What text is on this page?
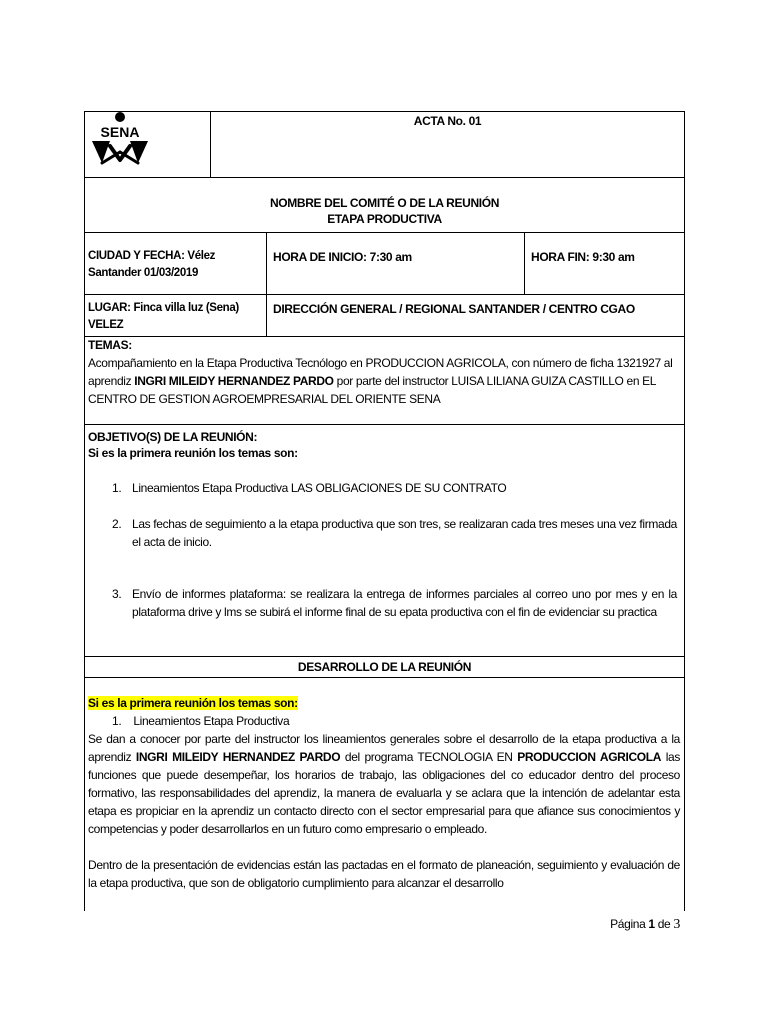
SENA
ACTA No. 01
NOMBRE DEL COMITÉ O DE LA REUNIÓN
ETAPA PRODUCTIVA
CIUDAD Y FECHA: Vélez
Santander 01/03/2019
HORA DE INICIO: 7:30 am	HORA FIN: 9:30 am
LUGAR: Finca villa luz (Sena)
VELEZ
DIRECCIÓN GENERAL / REGIONAL SANTANDER / CENTRO CGAO
TEMAS:
Acompañamiento en la Etapa Productiva Tecnólogo en PRODUCCION AGRICOLA, con número de ficha 1321927 al aprendiz INGRI MILEIDY HERNANDEZ PARDO por parte del instructor LUISA LILIANA GUIZA CASTILLO en EL CENTRO DE GESTION AGROEMPRESARIAL DEL ORIENTE SENA
OBJETIVO(S) DE LA REUNIÓN:
Si es la primera reunión los temas son:
1. Lineamientos Etapa Productiva LAS OBLIGACIONES DE SU CONTRATO
2. Las fechas de seguimiento a la etapa productiva que son tres, se realizaran cada tres meses una vez firmada el acta de inicio.
3. Envío de informes plataforma: se realizara la entrega de informes parciales al correo uno por mes y en la plataforma drive y lms se subirá el informe final de su epata productiva con el fin de evidenciar su practica
DESARROLLO DE LA REUNIÓN
Si es la primera reunión los temas son:
1. Lineamientos Etapa Productiva
Se dan a conocer por parte del instructor los lineamientos generales sobre el desarrollo de la etapa productiva a la aprendiz INGRI MILEIDY HERNANDEZ PARDO del programa TECNOLOGIA EN PRODUCCION AGRICOLA las funciones que puede desempeñar, los horarios de trabajo, las obligaciones del co educador dentro del proceso formativo, las responsabilidades del aprendiz, la manera de evaluarla y se aclara que la intención de adelantar esta etapa es propiciar en la aprendiz un contacto directo con el sector empresarial para que afiance sus conocimientos y competencias y poder desarrollarlos en un futuro como empresario o empleado.
Dentro de la presentación de evidencias están las pactadas en el formato de planeación, seguimiento y evaluación de la etapa productiva, que son de obligatorio cumplimiento para alcanzar el desarrollo
Página 1 de 3
